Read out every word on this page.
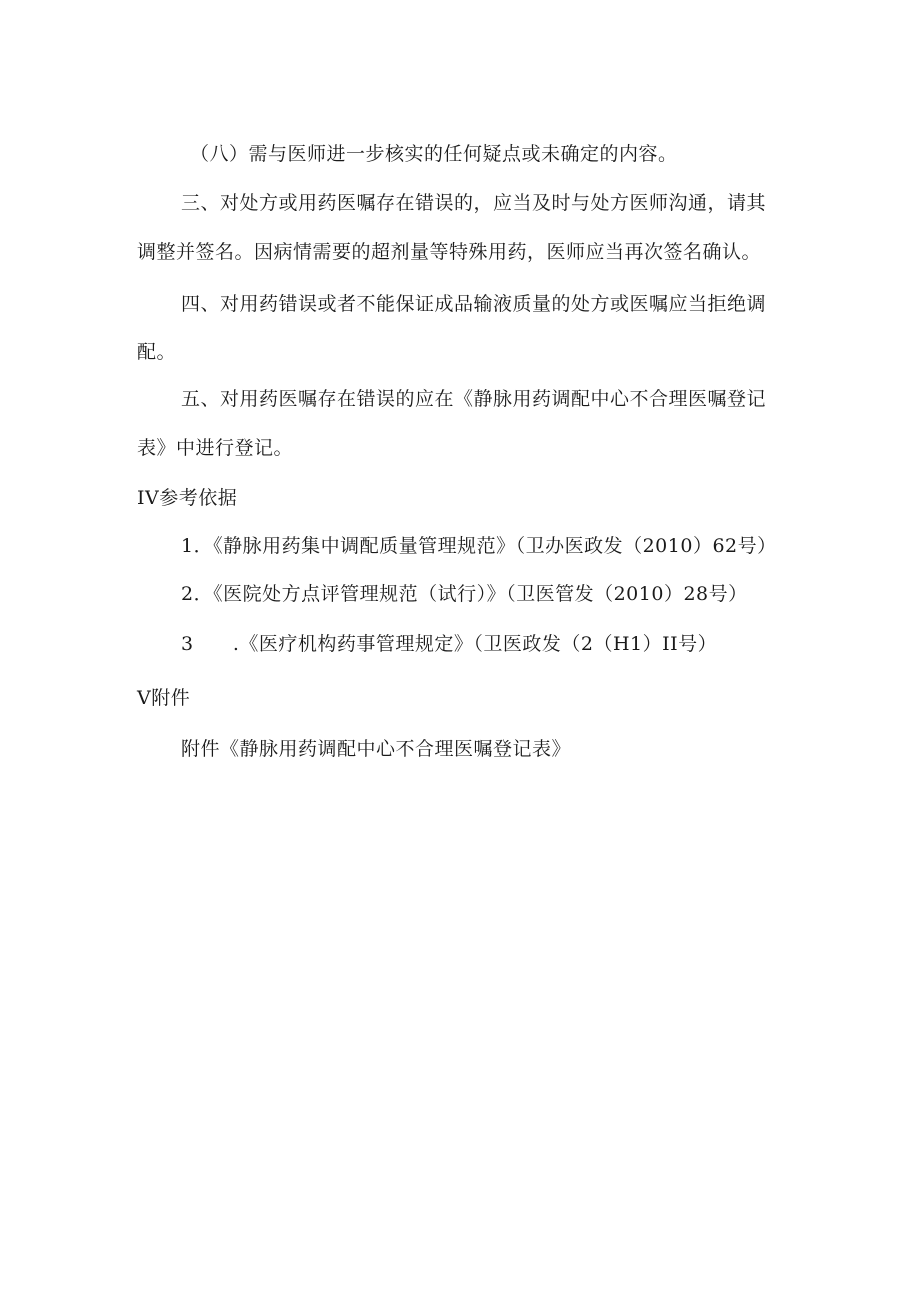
（八）需与医师进一步核实的任何疑点或未确定的内容。
三、对处方或用药医嘱存在错误的，应当及时与处方医师沟通，请其
调整并签名。因病情需要的超剂量等特殊用药，医师应当再次签名确认。
四、对用药错误或者不能保证成品输液质量的处方或医嘱应当拒绝调
配。
五、对用药医嘱存在错误的应在《静脉用药调配中心不合理医嘱登记
表》中进行登记。
IV参考依据
1．《静脉用药集中调配质量管理规范》（卫办医政发（2010）62号）
2．《医院处方点评管理规范（试行）》（卫医管发（2010）28号）
3      .《医疗机构药事管理规定》（卫医政发（2（H1）II号）
V附件
附件《静脉用药调配中心不合理医嘱登记表》
